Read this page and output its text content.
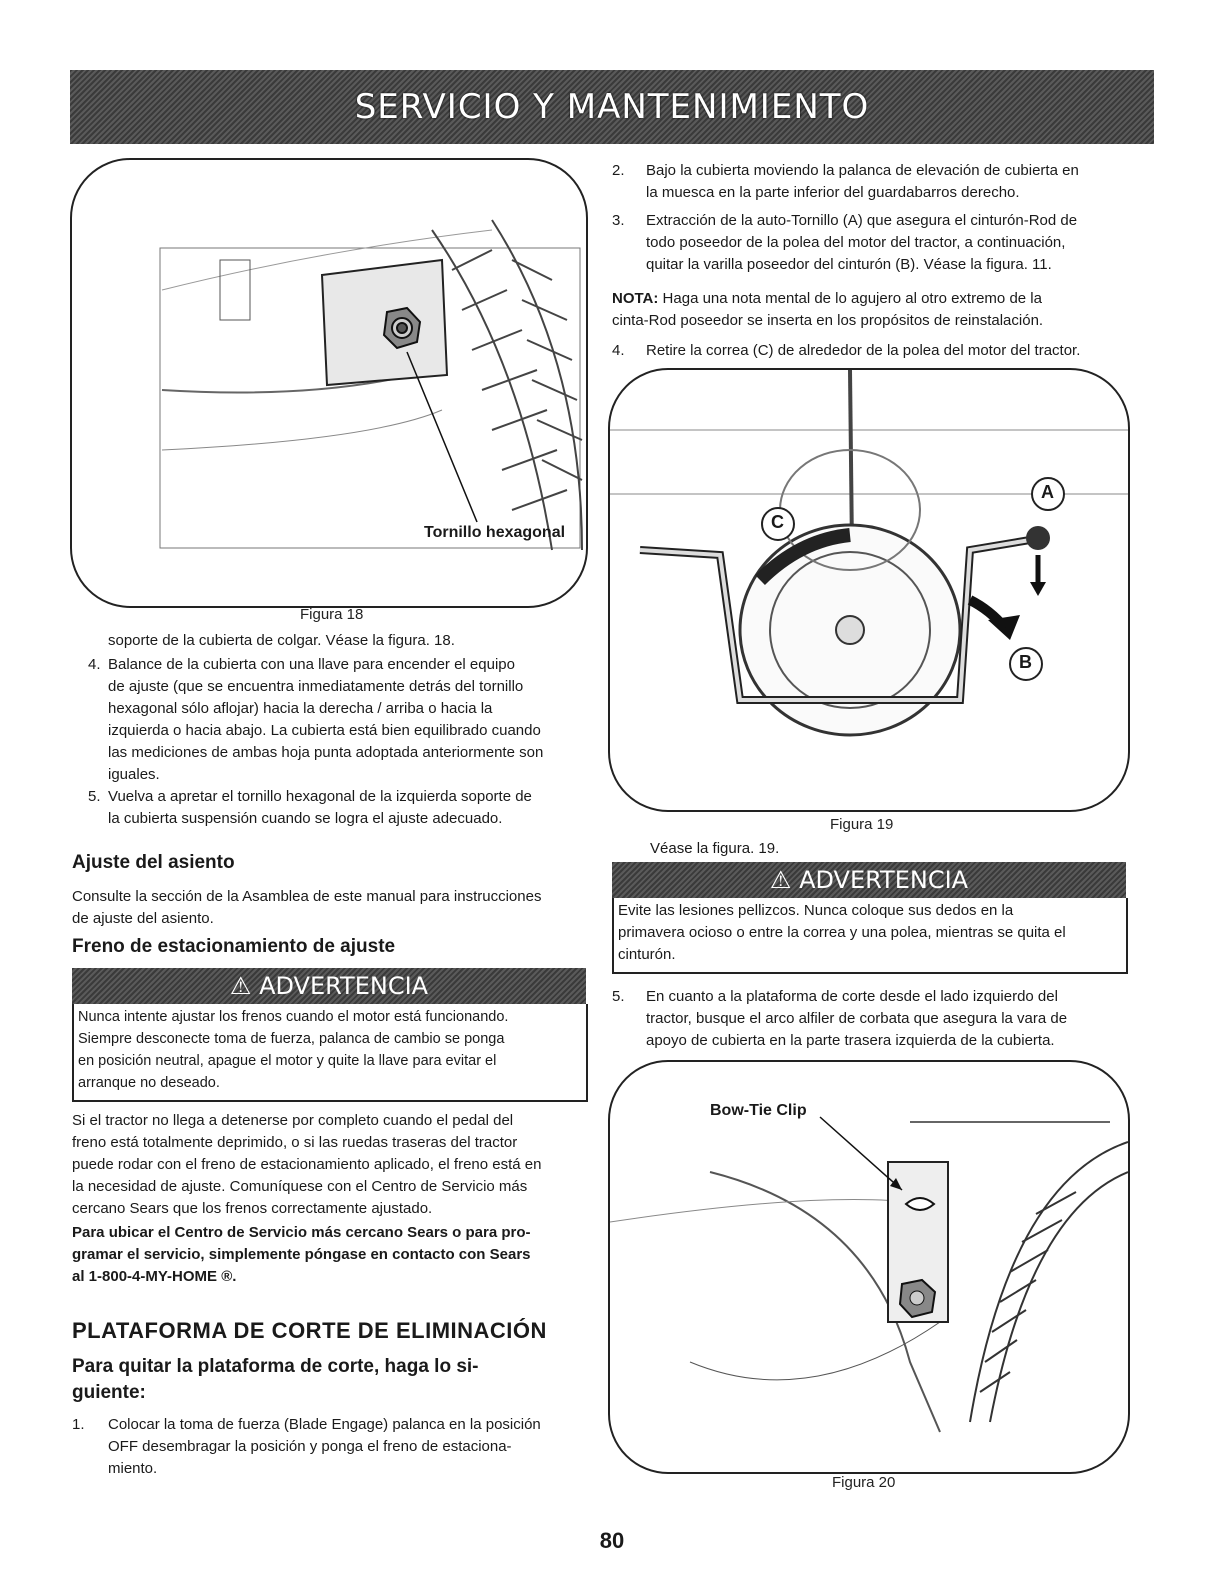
SERVICIO Y MANTENIMIENTO
Tornillo hexagonal
Figura 18
soporte de la cubierta de colgar. Véase la figura. 18.
4. Balance de la cubierta con una llave para encender el equipo
de ajuste (que se encuentra inmediatamente detrás del tornillo
hexagonal sólo aflojar) hacia la derecha / arriba o hacia la
izquierda o hacia abajo. La cubierta está bien equilibrado cuando
las mediciones de ambas hoja punta adoptada anteriormente son
iguales.
5. Vuelva a apretar el tornillo hexagonal de la izquierda soporte de
la cubierta suspensión cuando se logra el ajuste adecuado.
Ajuste del asiento
Consulte la sección de la Asamblea de este manual para instrucciones
de ajuste del asiento.
Freno de estacionamiento de ajuste
⚠ ADVERTENCIA
Nunca intente ajustar los frenos cuando el motor está funcionando.
Siempre desconecte toma de fuerza, palanca de cambio se ponga
en posición neutral, apague el motor y quite la llave para evitar el
arranque no deseado.
Si el tractor no llega a detenerse por completo cuando el pedal del
freno está totalmente deprimido, o si las ruedas traseras del tractor
puede rodar con el freno de estacionamiento aplicado, el freno está en
la necesidad de ajuste. Comuníquese con el Centro de Servicio más
cercano Sears que los frenos correctamente ajustado.
Para ubicar el Centro de Servicio más cercano Sears o para pro-
gramar el servicio, simplemente póngase en contacto con Sears
al 1-800-4-MY-HOME ®.
PLATAFORMA DE CORTE DE ELIMINACIÓN
Para quitar la plataforma de corte, haga lo si-
guiente:
1. Colocar la toma de fuerza (Blade Engage) palanca en la posición
OFF desembragar la posición y ponga el freno de estaciona-
miento.
2. Bajo la cubierta moviendo la palanca de elevación de cubierta en
la muesca en la parte inferior del guardabarros derecho.
3. Extracción de la auto-Tornillo (A) que asegura el cinturón-Rod de
todo poseedor de la polea del motor del tractor, a continuación,
quitar la varilla poseedor del cinturón (B). Véase la figura. 11.
NOTA: Haga una nota mental de lo agujero al otro extremo de la
cinta-Rod poseedor se inserta en los propósitos de reinstalación.
4. Retire la correa (C) de alrededor de la polea del motor del tractor.
A
C
B
Figura 19
Véase la figura. 19.
⚠ ADVERTENCIA
Evite las lesiones pellizcos. Nunca coloque sus dedos en la
primavera ocioso o entre la correa y una polea, mientras se quita el
cinturón.
5. En cuanto a la plataforma de corte desde el lado izquierdo del
tractor, busque el arco alfiler de corbata que asegura la vara de
apoyo de cubierta en la parte trasera izquierda de la cubierta.
Bow-Tie Clip
Figura 20
80
